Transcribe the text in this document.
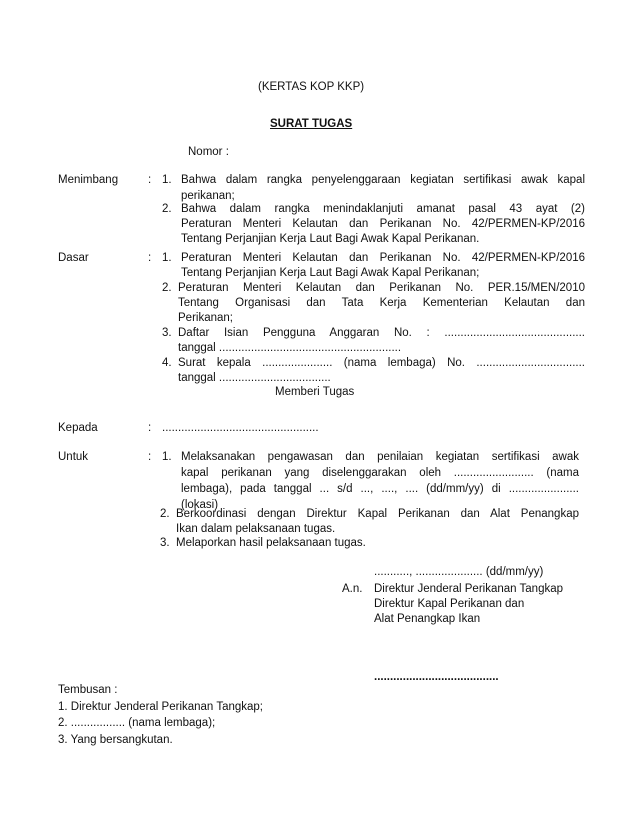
(KERTAS KOP KKP)
SURAT TUGAS
Nomor :
Menimbang	: 1. Bahwa dalam rangka penyelenggaraan kegiatan sertifikasi awak kapal
perikanan;
2. Bahwa dalam rangka menindaklanjuti amanat pasal 43 ayat (2)
Peraturan Menteri Kelautan dan Perikanan No. 42/PERMEN-KP/2016
Tentang Perjanjian Kerja Laut Bagi Awak Kapal Perikanan.
Dasar	: 1. Peraturan Menteri Kelautan dan Perikanan No. 42/PERMEN-KP/2016
Tentang Perjanjian Kerja Laut Bagi Awak Kapal Perikanan;
2. Peraturan Menteri Kelautan dan Perikanan No. PER.15/MEN/2010
Tentang Organisasi dan Tata Kerja Kementerian Kelautan dan
Perikanan;
3. Daftar Isian Pengguna Anggaran No. : ............................................
tanggal .........................................................
4. Surat kepala ...................... (nama lembaga) No. ..................................
tanggal ...................................
Memberi Tugas
Kepada	: .................................................
Untuk	: 1. Melaksanakan pengawasan dan penilaian kegiatan sertifikasi awak
kapal perikanan yang diselenggarakan oleh ......................... (nama
lembaga), pada tanggal ... s/d ..., ...., .... (dd/mm/yy) di ......................
(lokasi)
2. Berkoordinasi dengan Direktur Kapal Perikanan dan Alat Penangkap
Ikan dalam pelaksanaan tugas.
3. Melaporkan hasil pelaksanaan tugas.
..........., ..................... (dd/mm/yy)
A.n. Direktur Jenderal Perikanan Tangkap
Direktur Kapal Perikanan dan
Alat Penangkap Ikan
.......................................
Tembusan :
1. Direktur Jenderal Perikanan Tangkap;
2. ................. (nama lembaga);
3. Yang bersangkutan.
